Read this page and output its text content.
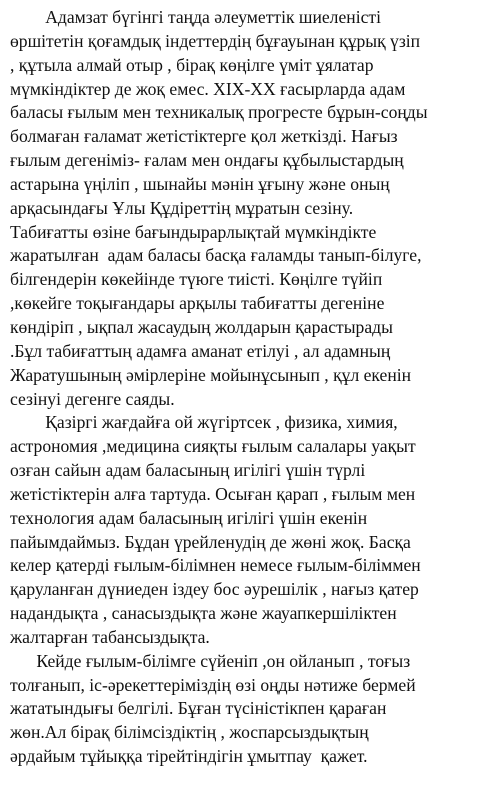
Адамзат бүгінгі таңда әлеуметтік шиеленісті
өршітетін қоғамдық індеттердің бұғауынан құрық үзіп
, құтыла алмай отыр , бірақ көңілге үміт ұялатар
мүмкіндіктер де жоқ емес. XIX-XX ғасырларда адам
баласы ғылым мен техникалық прогресте бұрын-соңды
болмаған ғаламат жетістіктерге қол жеткізді. Нағыз
ғылым дегеніміз- ғалам мен ондағы құбылыстардың
астарына үңіліп , шынайы мәнін ұғыну және оның
арқасындағы Ұлы Құдіреттің мұратын сезіну.
Табиғатты өзіне бағындырарлықтай мүмкіндікте
жаратылған  адам баласы басқа ғаламды танып-білуге,
білгендерін көкейінде түюге тиісті. Көңілге түйіп
,көкейге тоқығандары арқылы табиғатты дегеніне
көндіріп , ықпал жасаудың жолдарын қарастырады
.Бұл табиғаттың адамға аманат етілуі , ал адамның
Жаратушының әмірлеріне мойынұсынып , құл екенін
сезінуі дегенге саяды.
Қазіргі жағдайға ой жүгіртсек , физика, химия,
астрономия ,медицина сияқты ғылым салалары уақыт
озған сайын адам баласының игілігі үшін түрлі
жетістіктерін алға тартуда. Осыған қарап , ғылым мен
технология адам баласының игілігі үшін екенін
пайымдаймыз. Бұдан үрейленудің де жөні жоқ. Басқа
келер қатерді ғылым-білімнен немесе ғылым-біліммен
қаруланған дүниеден іздеу бос әурешілік , нағыз қатер
надандықта , санасыздықта және жауапкершіліктен
жалтарған табансыздықта.
Кейде ғылым-білімге сүйеніп ,он ойланып , тоғыз
толғанып, іс-әрекеттеріміздің өзі оңды нәтиже бермей
жататындығы белгілі. Бұған түсіністікпен қараған
жөн.Ал бірақ білімсіздіктің , жоспарсыздықтың
әрдайым тұйыққа тірейтіндігін ұмытпау  қажет.
